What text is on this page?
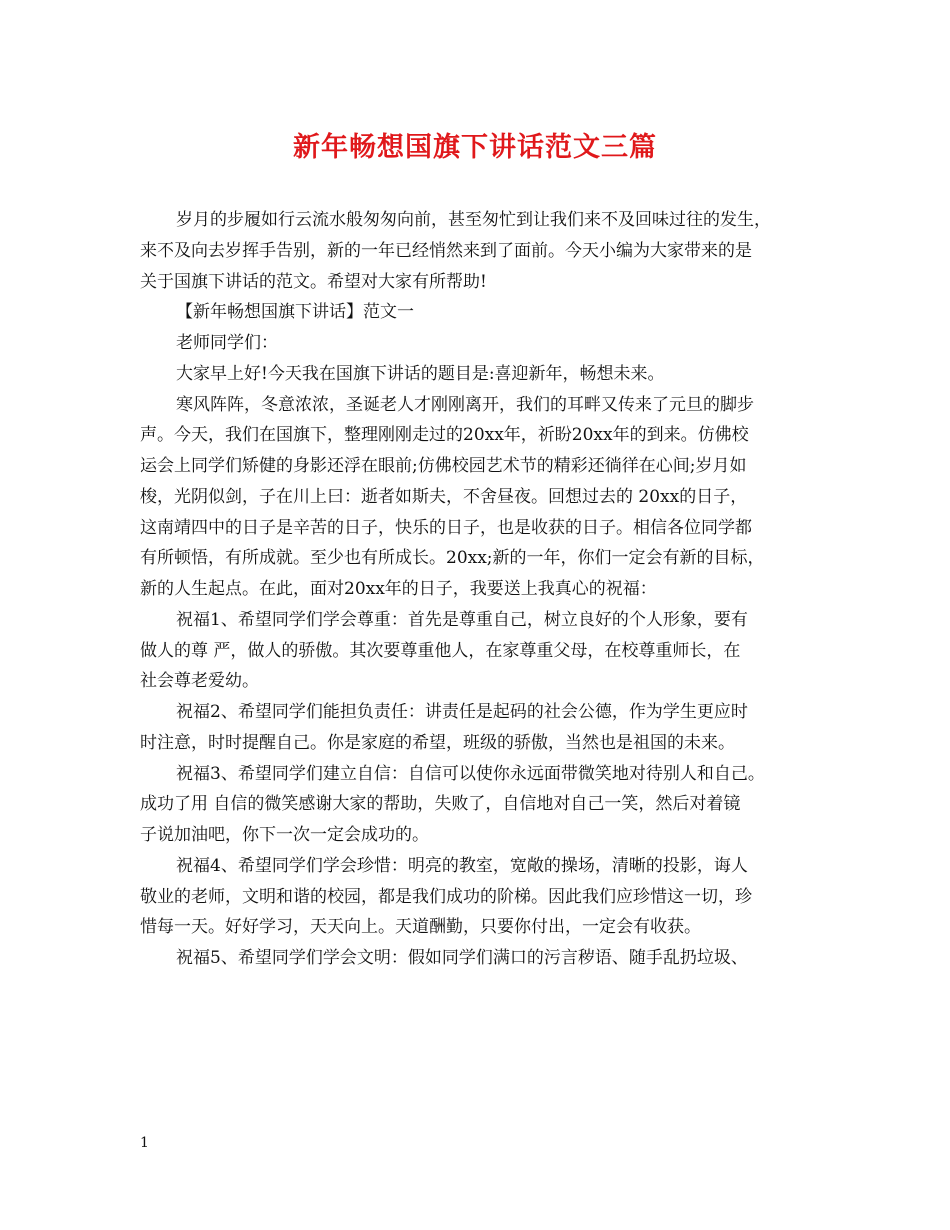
新年畅想国旗下讲话范文三篇
岁月的步履如行云流水般匆匆向前，甚至匆忙到让我们来不及回味过往的发生，
来不及向去岁挥手告别，新的一年已经悄然来到了面前。今天小编为大家带来的是
关于国旗下讲话的范文。希望对大家有所帮助!
【新年畅想国旗下讲话】范文一
老师同学们：
大家早上好!今天我在国旗下讲话的题目是:喜迎新年，畅想未来。
寒风阵阵，冬意浓浓，圣诞老人才刚刚离开，我们的耳畔又传来了元旦的脚步
声。今天，我们在国旗下，整理刚刚走过的20xx年，祈盼20xx年的到来。仿佛校
运会上同学们矫健的身影还浮在眼前;仿佛校园艺术节的精彩还徜徉在心间;岁月如
梭，光阴似剑，子在川上曰：逝者如斯夫，不舍昼夜。回想过去的 20xx的日子，
这南靖四中的日子是辛苦的日子，快乐的日子，也是收获的日子。相信各位同学都
有所顿悟，有所成就。至少也有所成长。20xx;新的一年，你们一定会有新的目标，
新的人生起点。在此，面对20xx年的日子，我要送上我真心的祝福：
祝福1、希望同学们学会尊重：首先是尊重自己，树立良好的个人形象，要有
做人的尊 严，做人的骄傲。其次要尊重他人，在家尊重父母，在校尊重师长，在
社会尊老爱幼。
祝福2、希望同学们能担负责任：讲责任是起码的社会公德，作为学生更应时
时注意，时时提醒自己。你是家庭的希望，班级的骄傲，当然也是祖国的未来。
祝福3、希望同学们建立自信：自信可以使你永远面带微笑地对待别人和自己。
成功了用 自信的微笑感谢大家的帮助，失败了，自信地对自己一笑，然后对着镜
子说加油吧，你下一次一定会成功的。
祝福4、希望同学们学会珍惜：明亮的教室，宽敞的操场，清晰的投影，诲人
敬业的老师，文明和谐的校园，都是我们成功的阶梯。因此我们应珍惜这一切，珍
惜每一天。好好学习，天天向上。天道酬勤，只要你付出，一定会有收获。
祝福5、希望同学们学会文明：假如同学们满口的污言秽语、随手乱扔垃圾、
1
